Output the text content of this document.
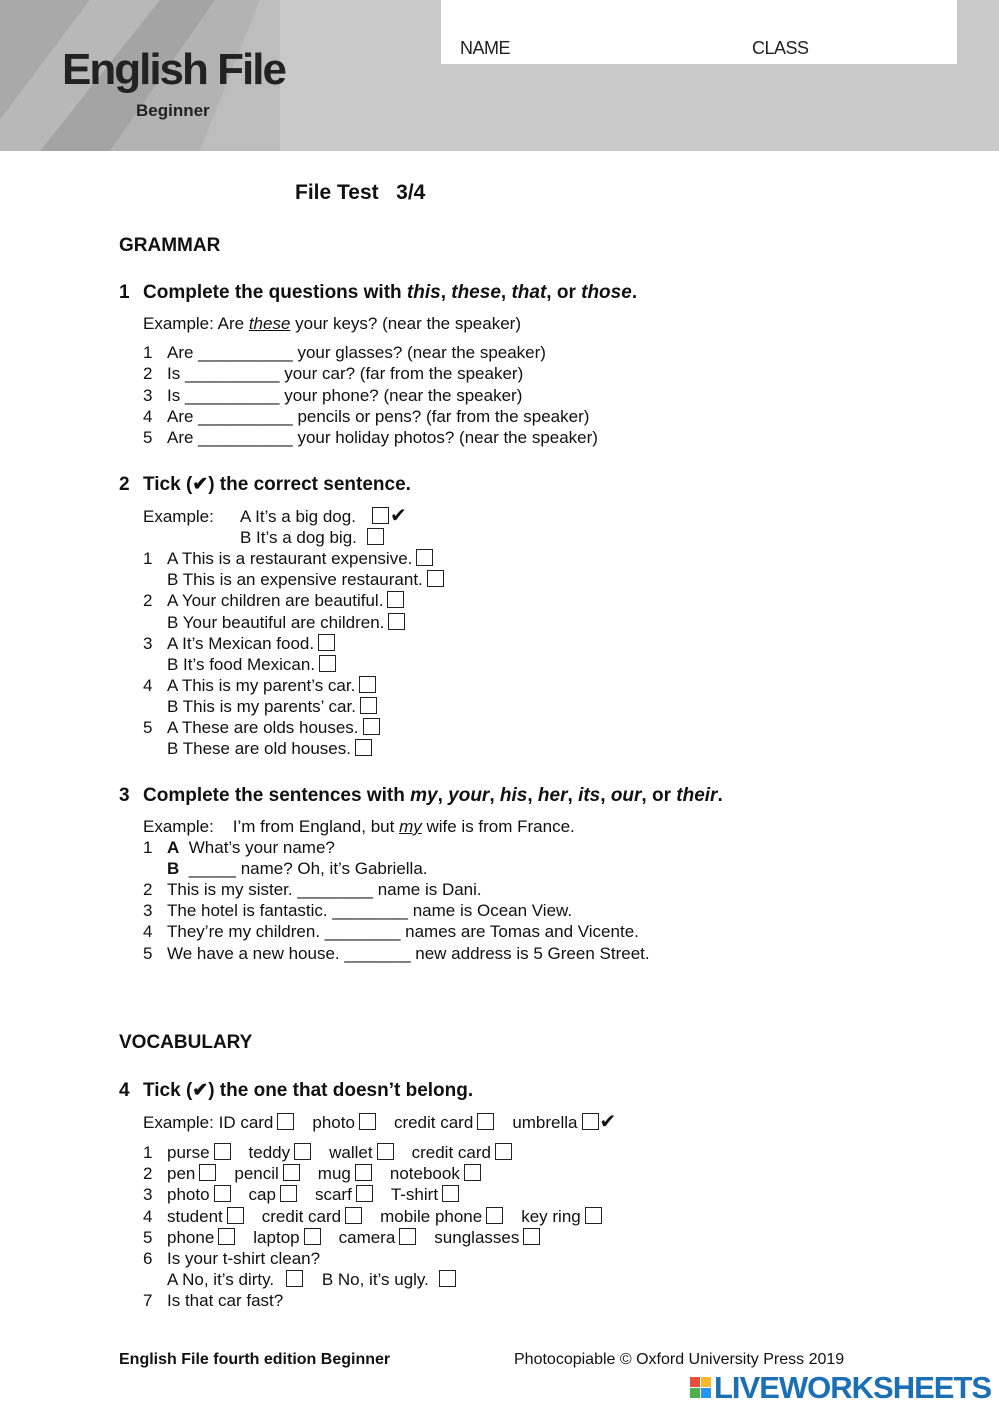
English File
Beginner
NAME	CLASS
File Test   3/4
GRAMMAR
1 Complete the questions with this, these, that, or those.
Example: Are these your keys? (near the speaker)
1 Are __________ your glasses? (near the speaker)
2 Is __________ your car? (far from the speaker)
3 Is __________ your phone? (near the speaker)
4 Are __________ pencils or pens? (far from the speaker)
5 Are __________ your holiday photos? (near the speaker)
2 Tick (✔) the correct sentence.
Example: A It’s a big dog. ✔
B It’s a dog big.
1 A This is a restaurant expensive.
B This is an expensive restaurant.
2 A Your children are beautiful.
B Your beautiful are children.
3 A It’s Mexican food.
B It’s food Mexican.
4 A This is my parent’s car.
B This is my parents’ car.
5 A These are olds houses.
B These are old houses.
3 Complete the sentences with my, your, his, her, its, our, or their.
Example:    I’m from England, but my wife is from France.
1 A What’s your name?
B _____ name? Oh, it’s Gabriella.
2 This is my sister. ________ name is Dani.
3 The hotel is fantastic. ________ name is Ocean View.
4 They’re my children. ________ names are Tomas and Vicente.
5 We have a new house. _______ new address is 5 Green Street.
VOCABULARY
4 Tick (✔) the one that doesn’t belong.
Example: ID card photo credit card umbrella ✔
1 purse teddy wallet credit card
2 pen pencil mug notebook
3 photo cap scarf T-shirt
4 student credit card mobile phone key ring
5 phone laptop camera sunglasses
6 Is your t-shirt clean?
A No, it’s dirty.	B No, it’s ugly.
7 Is that car fast?
English File fourth edition Beginner	Photocopiable © Oxford University Press 2019
LIVEWORKSHEETS
